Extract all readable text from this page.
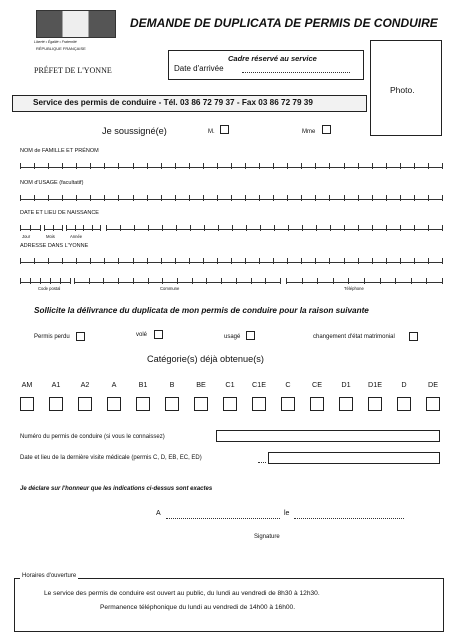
Liberté • Égalité • Fraternité
RÉPUBLIQUE FRANÇAISE
PRÉFET DE L'YONNE
DEMANDE DE DUPLICATA DE PERMIS DE CONDUIRE
Cadre réservé au service
Date d'arrivée
Photo.
Service des permis de conduire - Tél. 03 86 72 79 37 - Fax 03 86 72 79 39
Je soussigné(e)	M.	Mme
NOM de FAMILLE ET PRÉNOM
NOM d'USAGE (facultatif)
DATE ET LIEU DE NAISSANCE
Jour	Mois	Année
ADRESSE DANS L'YONNE
Code postal	Commune	Téléphone
Sollicite la délivrance du duplicata de mon permis de conduire pour la raison suivante
Permis perdu	volé	usagé	changement d'état matrimonial
Catégorie(s) déjà obtenue(s)
AM	A1	A2	A	B1	B	BE	C1 C1E	C	CE	D1 D1E	D	DE
Numéro du permis de conduire (si vous le connaissez)
Date et lieu de la dernière visite médicale (permis C, D, EB, EC, ED)
Je déclare sur l'honneur que les indications ci-dessus sont exactes
A	le
Signature
Horaires d'ouverture
Le service des permis de conduire est ouvert au public, du lundi au vendredi de 8h30 à 12h30.
Permanence téléphonique du lundi au vendredi de 14h00 à 16h00.
